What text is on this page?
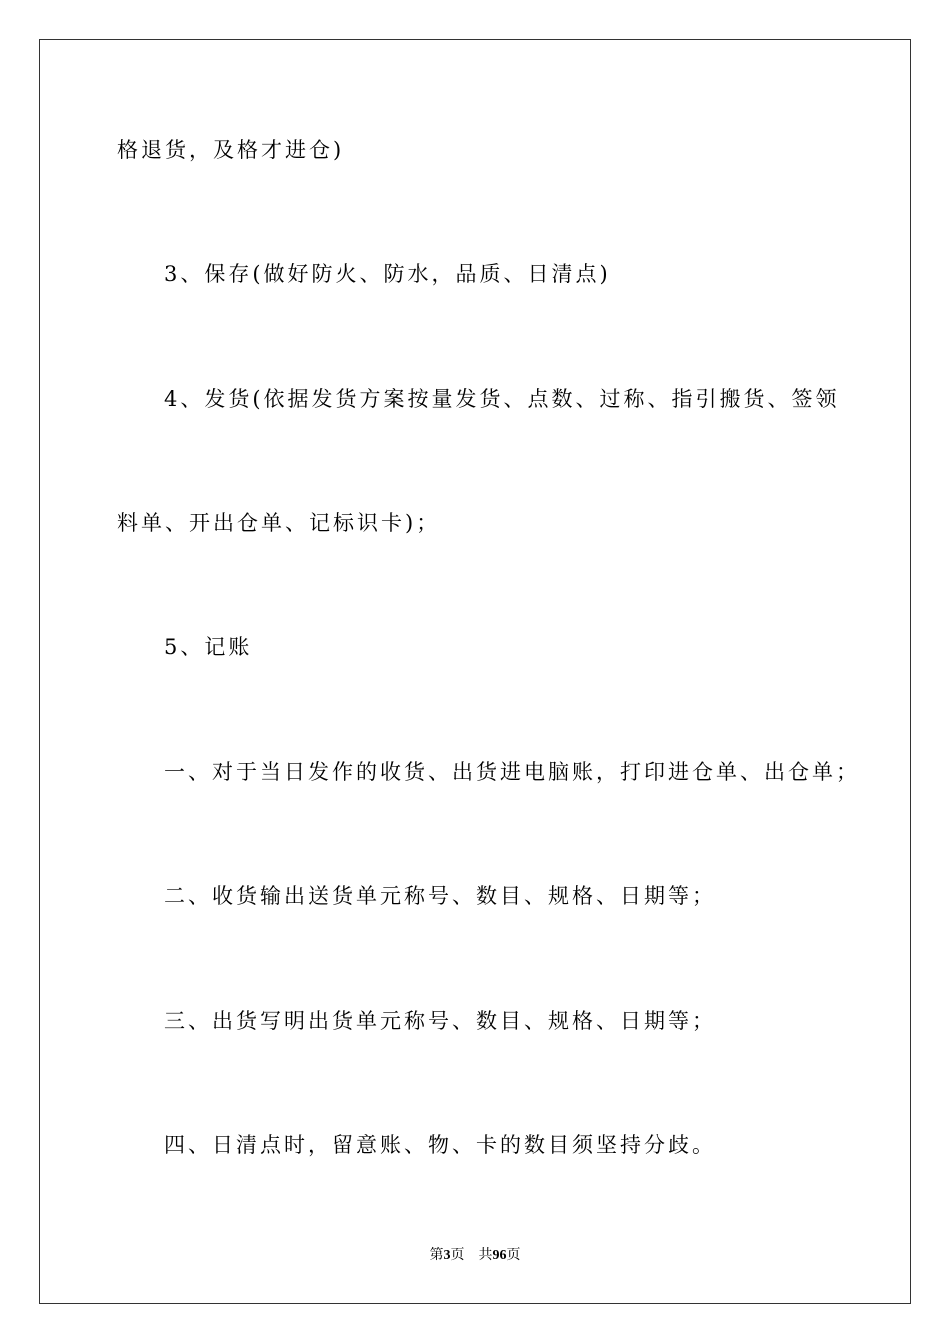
格退货，及格才进仓)
3、保存(做好防火、防水，品质、日清点)
4、发货(依据发货方案按量发货、点数、过称、指引搬货、签领
料单、开出仓单、记标识卡)；
5、记账
一、对于当日发作的收货、出货进电脑账，打印进仓单、出仓单；
二、收货输出送货单元称号、数目、规格、日期等；
三、出货写明出货单元称号、数目、规格、日期等；
四、日清点时，留意账、物、卡的数目须坚持分歧。
第3页 共96页
